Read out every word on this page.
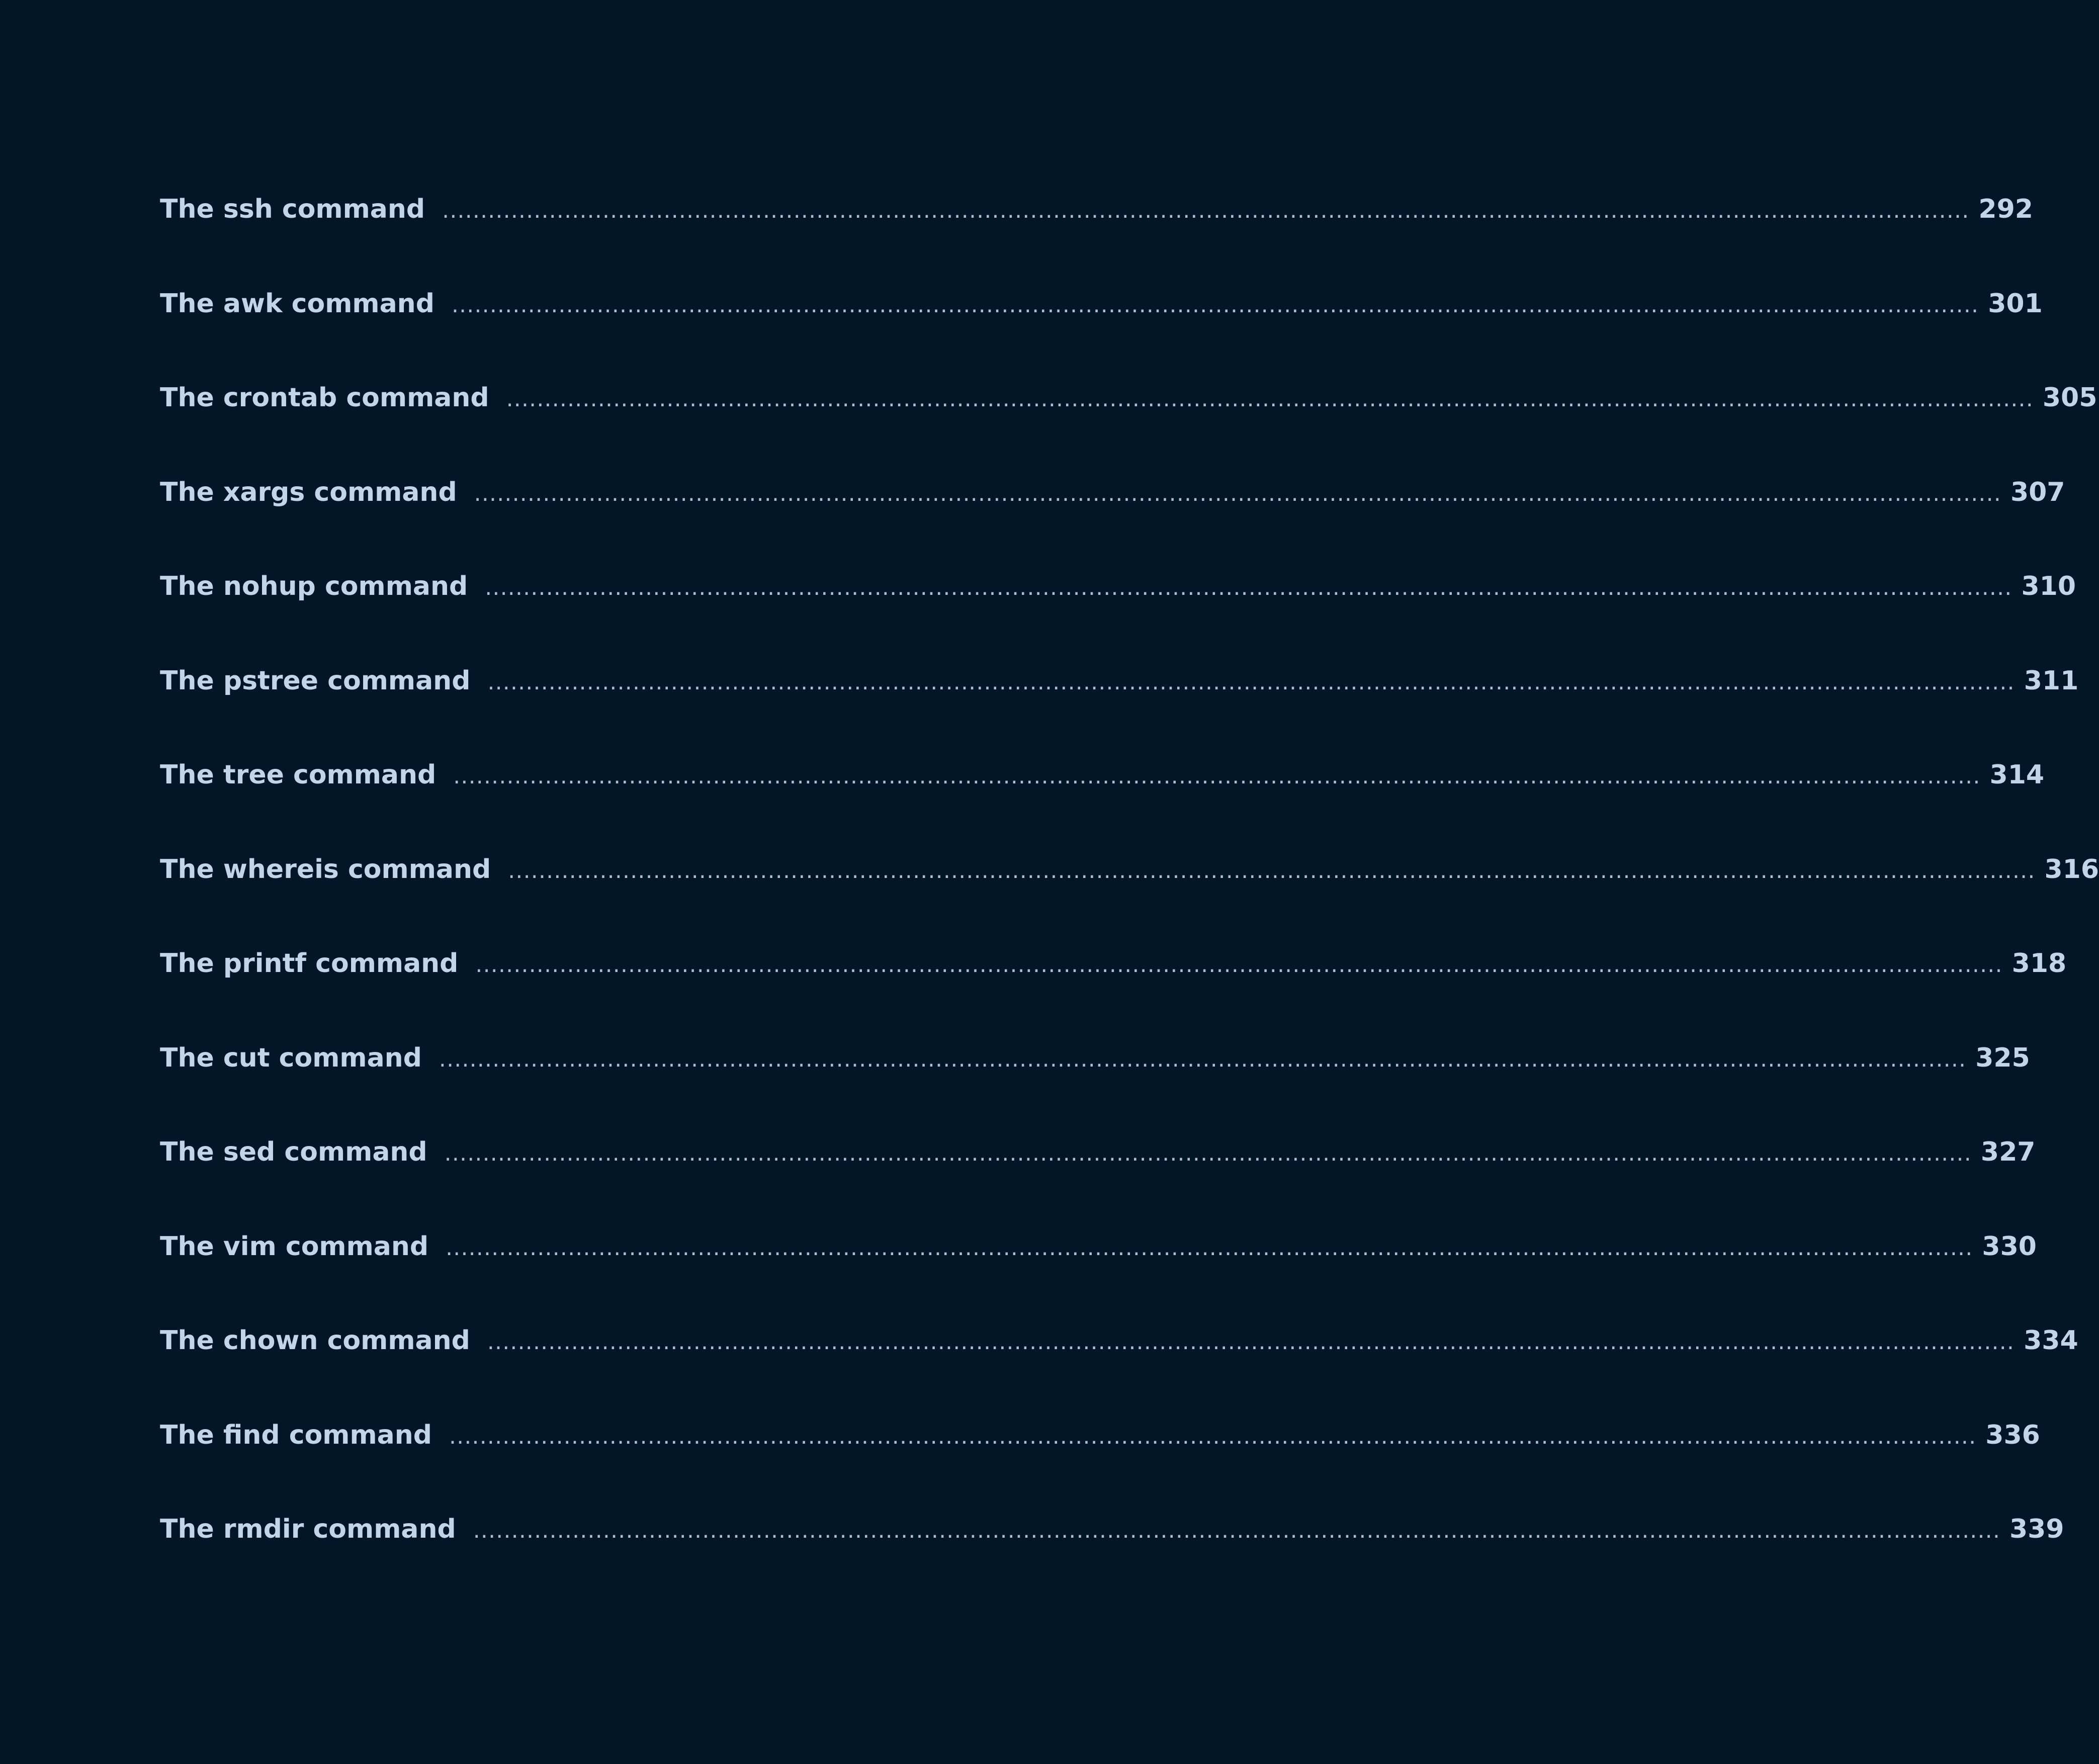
The ssh command ........................................................................................................................................................................................................ 292
The awk command ........................................................................................................................................................................................................ 301
The crontab command ........................................................................................................................................................................................................ 305
The xargs command ........................................................................................................................................................................................................ 307
The nohup command ........................................................................................................................................................................................................ 310
The pstree command ........................................................................................................................................................................................................ 311
The tree command ........................................................................................................................................................................................................ 314
The whereis command ........................................................................................................................................................................................................ 316
The printf command ........................................................................................................................................................................................................ 318
The cut command ........................................................................................................................................................................................................ 325
The sed command ........................................................................................................................................................................................................ 327
The vim command ........................................................................................................................................................................................................ 330
The chown command ........................................................................................................................................................................................................ 334
The find command ........................................................................................................................................................................................................ 336
The rmdir command ........................................................................................................................................................................................................ 339
